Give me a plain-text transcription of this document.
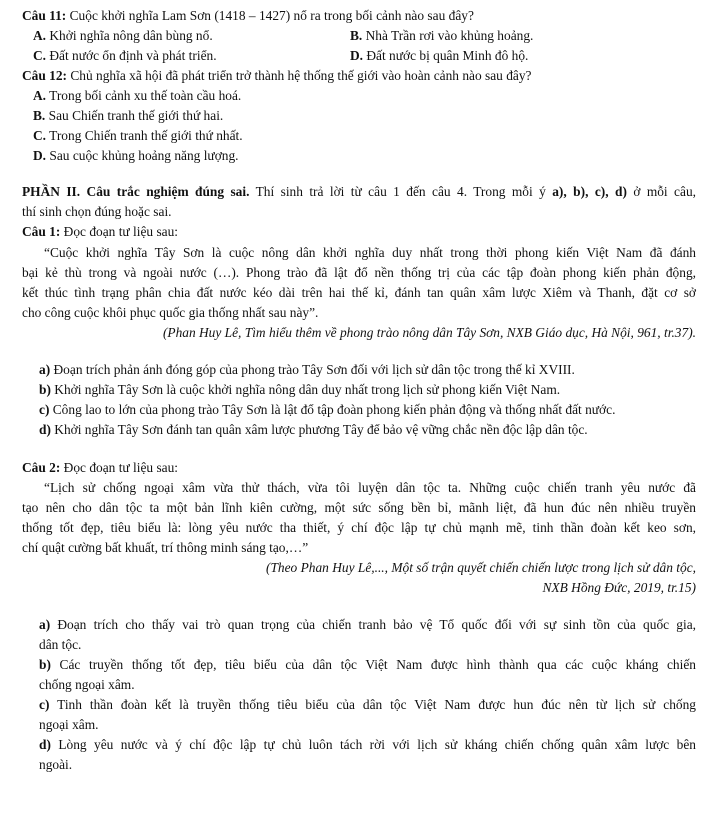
Câu 11: Cuộc khởi nghĩa Lam Sơn (1418 – 1427) nổ ra trong bối cảnh nào sau đây?
A. Khởi nghĩa nông dân bùng nổ.	B. Nhà Trần rơi vào khủng hoảng.
C. Đất nước ổn định và phát triển.	D. Đất nước bị quân Minh đô hộ.
Câu 12: Chủ nghĩa xã hội đã phát triển trở thành hệ thống thế giới vào hoàn cảnh nào sau đây?
A. Trong bối cảnh xu thế toàn cầu hoá.
B. Sau Chiến tranh thế giới thứ hai.
C. Trong Chiến tranh thế giới thứ nhất.
D. Sau cuộc khủng hoảng năng lượng.
PHẦN II. Câu trắc nghiệm đúng sai. Thí sinh trả lời từ câu 1 đến câu 4. Trong mỗi ý a), b), c), d) ở mỗi câu,
thí sinh chọn đúng hoặc sai.
Câu 1: Đọc đoạn tư liệu sau:
“Cuộc khởi nghĩa Tây Sơn là cuộc nông dân khởi nghĩa duy nhất trong thời phong kiến Việt Nam đã đánh
bại kẻ thù trong và ngoài nước (…). Phong trào đã lật đổ nền thống trị của các tập đoàn phong kiến phản động,
kết thúc tình trạng phân chia đất nước kéo dài trên hai thế kỉ, đánh tan quân xâm lược Xiêm và Thanh, đặt cơ sở
cho công cuộc khôi phục quốc gia thống nhất sau này”.
(Phan Huy Lê, Tìm hiểu thêm về phong trào nông dân Tây Sơn, NXB Giáo dục, Hà Nội, 961, tr.37).
a) Đoạn trích phản ánh đóng góp của phong trào Tây Sơn đối với lịch sử dân tộc trong thế kỉ XVIII.
b) Khởi nghĩa Tây Sơn là cuộc khởi nghĩa nông dân duy nhất trong lịch sử phong kiến Việt Nam.
c) Công lao to lớn của phong trào Tây Sơn là lật đổ tập đoàn phong kiến phản động và thống nhất đất nước.
d) Khởi nghĩa Tây Sơn đánh tan quân xâm lược phương Tây để bảo vệ vững chắc nền độc lập dân tộc.
Câu 2: Đọc đoạn tư liệu sau:
“Lịch sử chống ngoại xâm vừa thử thách, vừa tôi luyện dân tộc ta. Những cuộc chiến tranh yêu nước đã
tạo nên cho dân tộc ta một bản lĩnh kiên cường, một sức sống bền bỉ, mãnh liệt, đã hun đúc nên nhiều truyền
thống tốt đẹp, tiêu biểu là: lòng yêu nước tha thiết, ý chí độc lập tự chủ mạnh mẽ, tinh thần đoàn kết keo sơn,
chí quật cường bất khuất, trí thông minh sáng tạo,…”
(Theo Phan Huy Lê,..., Một số trận quyết chiến chiến lược trong lịch sử dân tộc,
NXB Hồng Đức, 2019, tr.15)
a) Đoạn trích cho thấy vai trò quan trọng của chiến tranh bảo vệ Tổ quốc đối với sự sinh tồn của quốc gia,
dân tộc.
b) Các truyền thống tốt đẹp, tiêu biểu của dân tộc Việt Nam được hình thành qua các cuộc kháng chiến
chống ngoại xâm.
c) Tinh thần đoàn kết là truyền thống tiêu biểu của dân tộc Việt Nam được hun đúc nên từ lịch sử chống
ngoại xâm.
d) Lòng yêu nước và ý chí độc lập tự chủ luôn tách rời với lịch sử kháng chiến chống quân xâm lược bên
ngoài.
